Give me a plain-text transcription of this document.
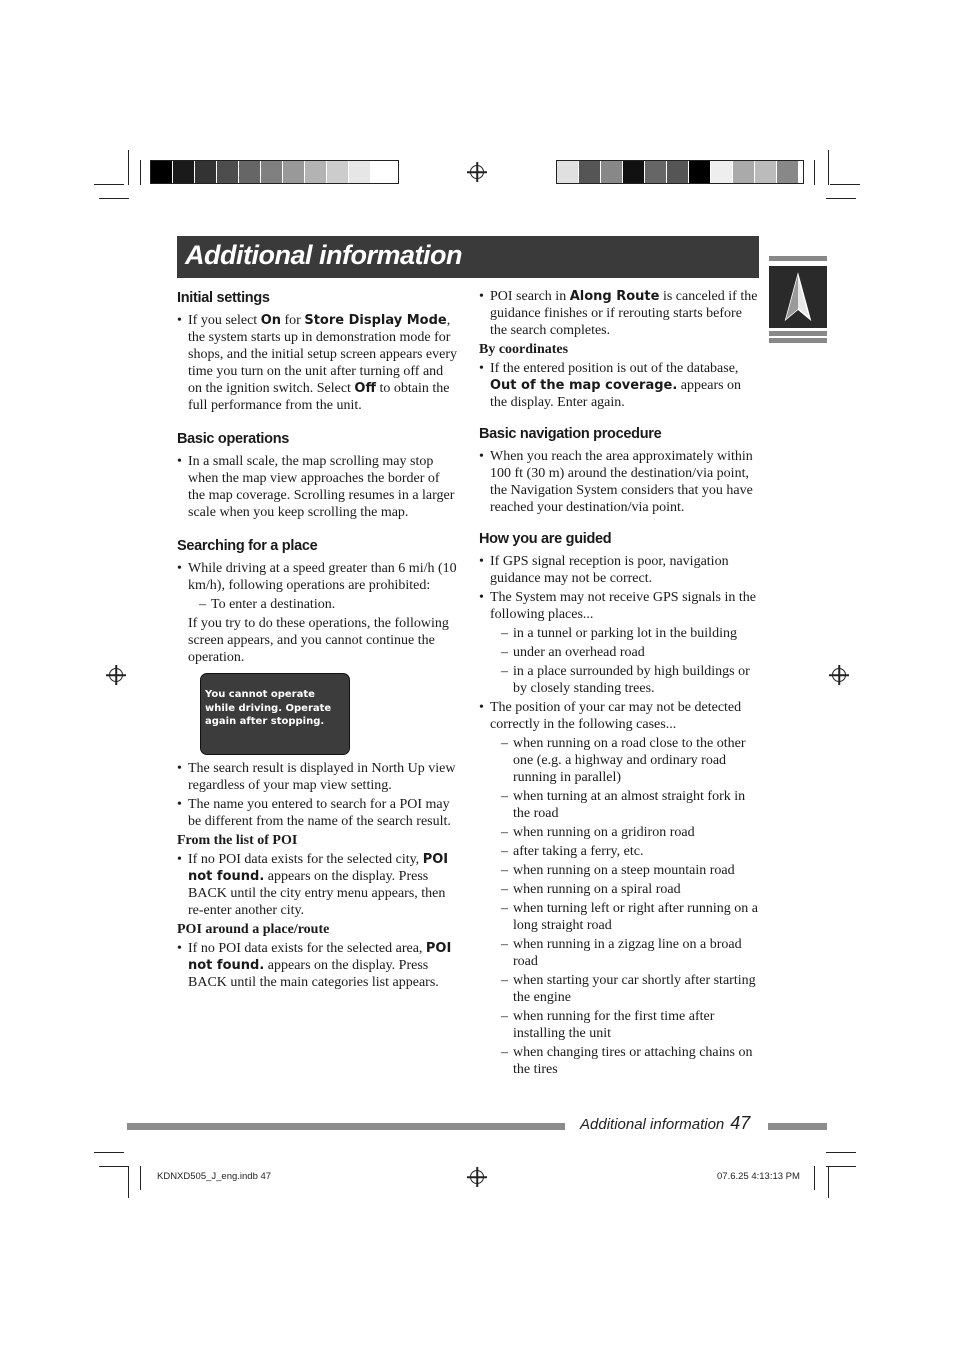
Additional information
Initial settings
• If you select On for Store Display Mode, the system starts up in demonstration mode for shops, and the initial setup screen appears every time you turn on the unit after turning off and on the ignition switch. Select Off to obtain the full performance from the unit.
Basic operations
• In a small scale, the map scrolling may stop when the map view approaches the border of the map coverage. Scrolling resumes in a larger scale when you keep scrolling the map.
Searching for a place
• While driving at a speed greater than 6 mi/h (10 km/h), following operations are prohibited:
– To enter a destination.
If you try to do these operations, the following screen appears, and you cannot continue the operation.
You cannot operate while driving. Operate again after stopping.
• The search result is displayed in North Up view regardless of your map view setting.
• The name you entered to search for a POI may be different from the name of the search result.
From the list of POI
• If no POI data exists for the selected city, POI not found. appears on the display. Press BACK until the city entry menu appears, then re-enter another city.
POI around a place/route
• If no POI data exists for the selected area, POI not found. appears on the display. Press BACK until the main categories list appears.
• POI search in Along Route is canceled if the guidance finishes or if rerouting starts before the search completes.
By coordinates
• If the entered position is out of the database, Out of the map coverage. appears on the display. Enter again.
Basic navigation procedure
• When you reach the area approximately within 100 ft (30 m) around the destination/via point, the Navigation System considers that you have reached your destination/via point.
How you are guided
• If GPS signal reception is poor, navigation guidance may not be correct.
• The System may not receive GPS signals in the following places...
– in a tunnel or parking lot in the building
– under an overhead road
– in a place surrounded by high buildings or by closely standing trees.
• The position of your car may not be detected correctly in the following cases...
– when running on a road close to the other one (e.g. a highway and ordinary road running in parallel)
– when turning at an almost straight fork in the road
– when running on a gridiron road
– after taking a ferry, etc.
– when running on a steep mountain road
– when running on a spiral road
– when turning left or right after running on a long straight road
– when running in a zigzag line on a broad road
– when starting your car shortly after starting the engine
– when running for the first time after installing the unit
– when changing tires or attaching chains on the tires
Additional information 47
KDNXD505_J_eng.indb 47	07.6.25 4:13:13 PM
